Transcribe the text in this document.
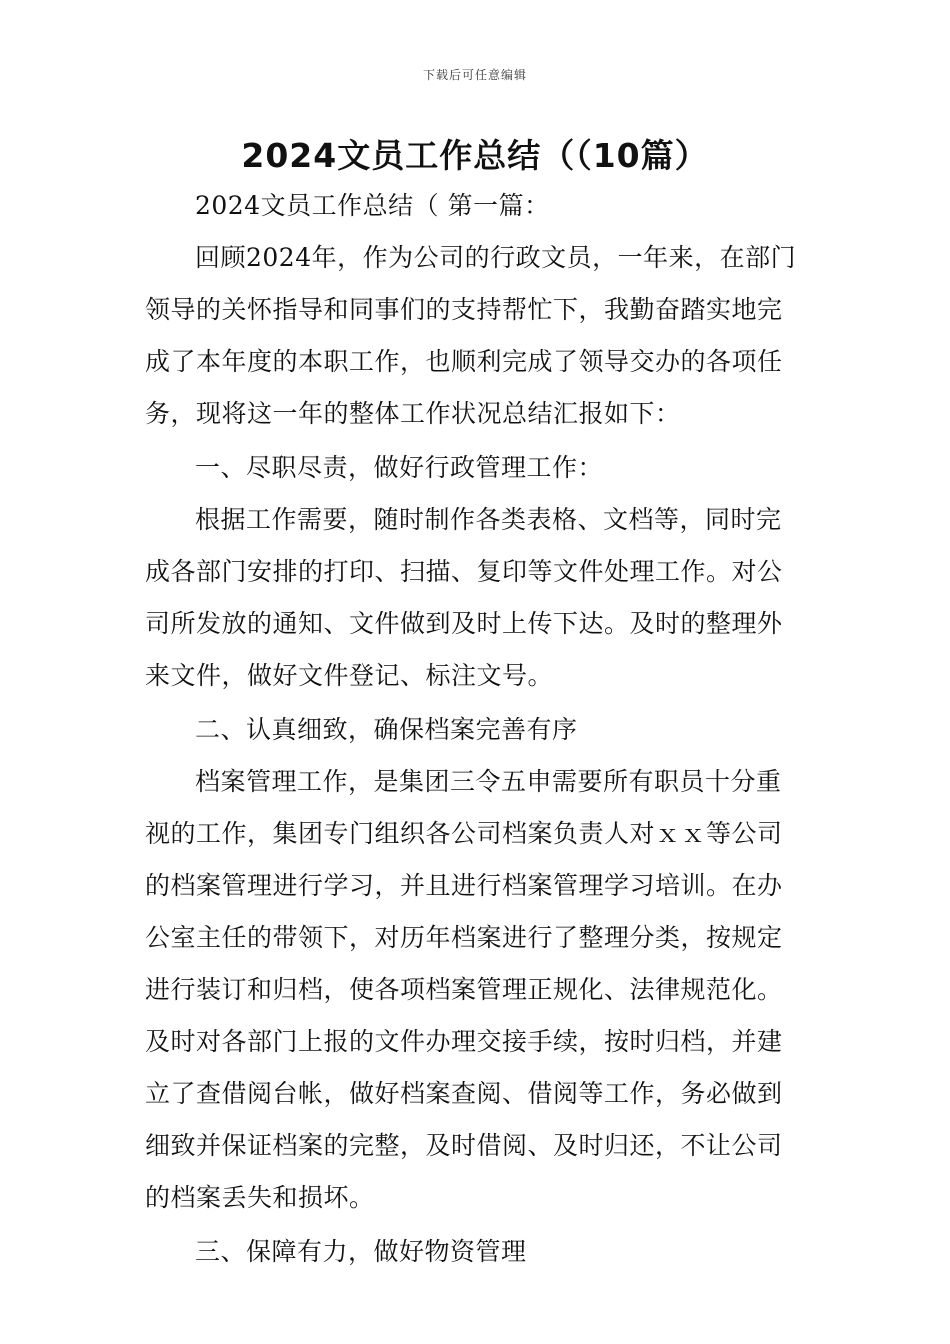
下载后可任意编辑
2024文员工作总结（（10篇）
2024文员工作总结（ 第一篇：
回顾2024年，作为公司的行政文员，一年来，在部门
领导的关怀指导和同事们的支持帮忙下，我勤奋踏实地完
成了本年度的本职工作，也顺利完成了领导交办的各项任
务，现将这一年的整体工作状况总结汇报如下：
一、尽职尽责，做好行政管理工作：
根据工作需要，随时制作各类表格、文档等，同时完
成各部门安排的打印、扫描、复印等文件处理工作。对公
司所发放的通知、文件做到及时上传下达。及时的整理外
来文件，做好文件登记、标注文号。
二、认真细致，确保档案完善有序
档案管理工作，是集团三令五申需要所有职员十分重
视的工作，集团专门组织各公司档案负责人对ｘｘ等公司
的档案管理进行学习，并且进行档案管理学习培训。在办
公室主任的带领下，对历年档案进行了整理分类，按规定
进行装订和归档，使各项档案管理正规化、法律规范化。
及时对各部门上报的文件办理交接手续，按时归档，并建
立了查借阅台帐，做好档案查阅、借阅等工作，务必做到
细致并保证档案的完整，及时借阅、及时归还，不让公司
的档案丢失和损坏。
三、保障有力，做好物资管理
